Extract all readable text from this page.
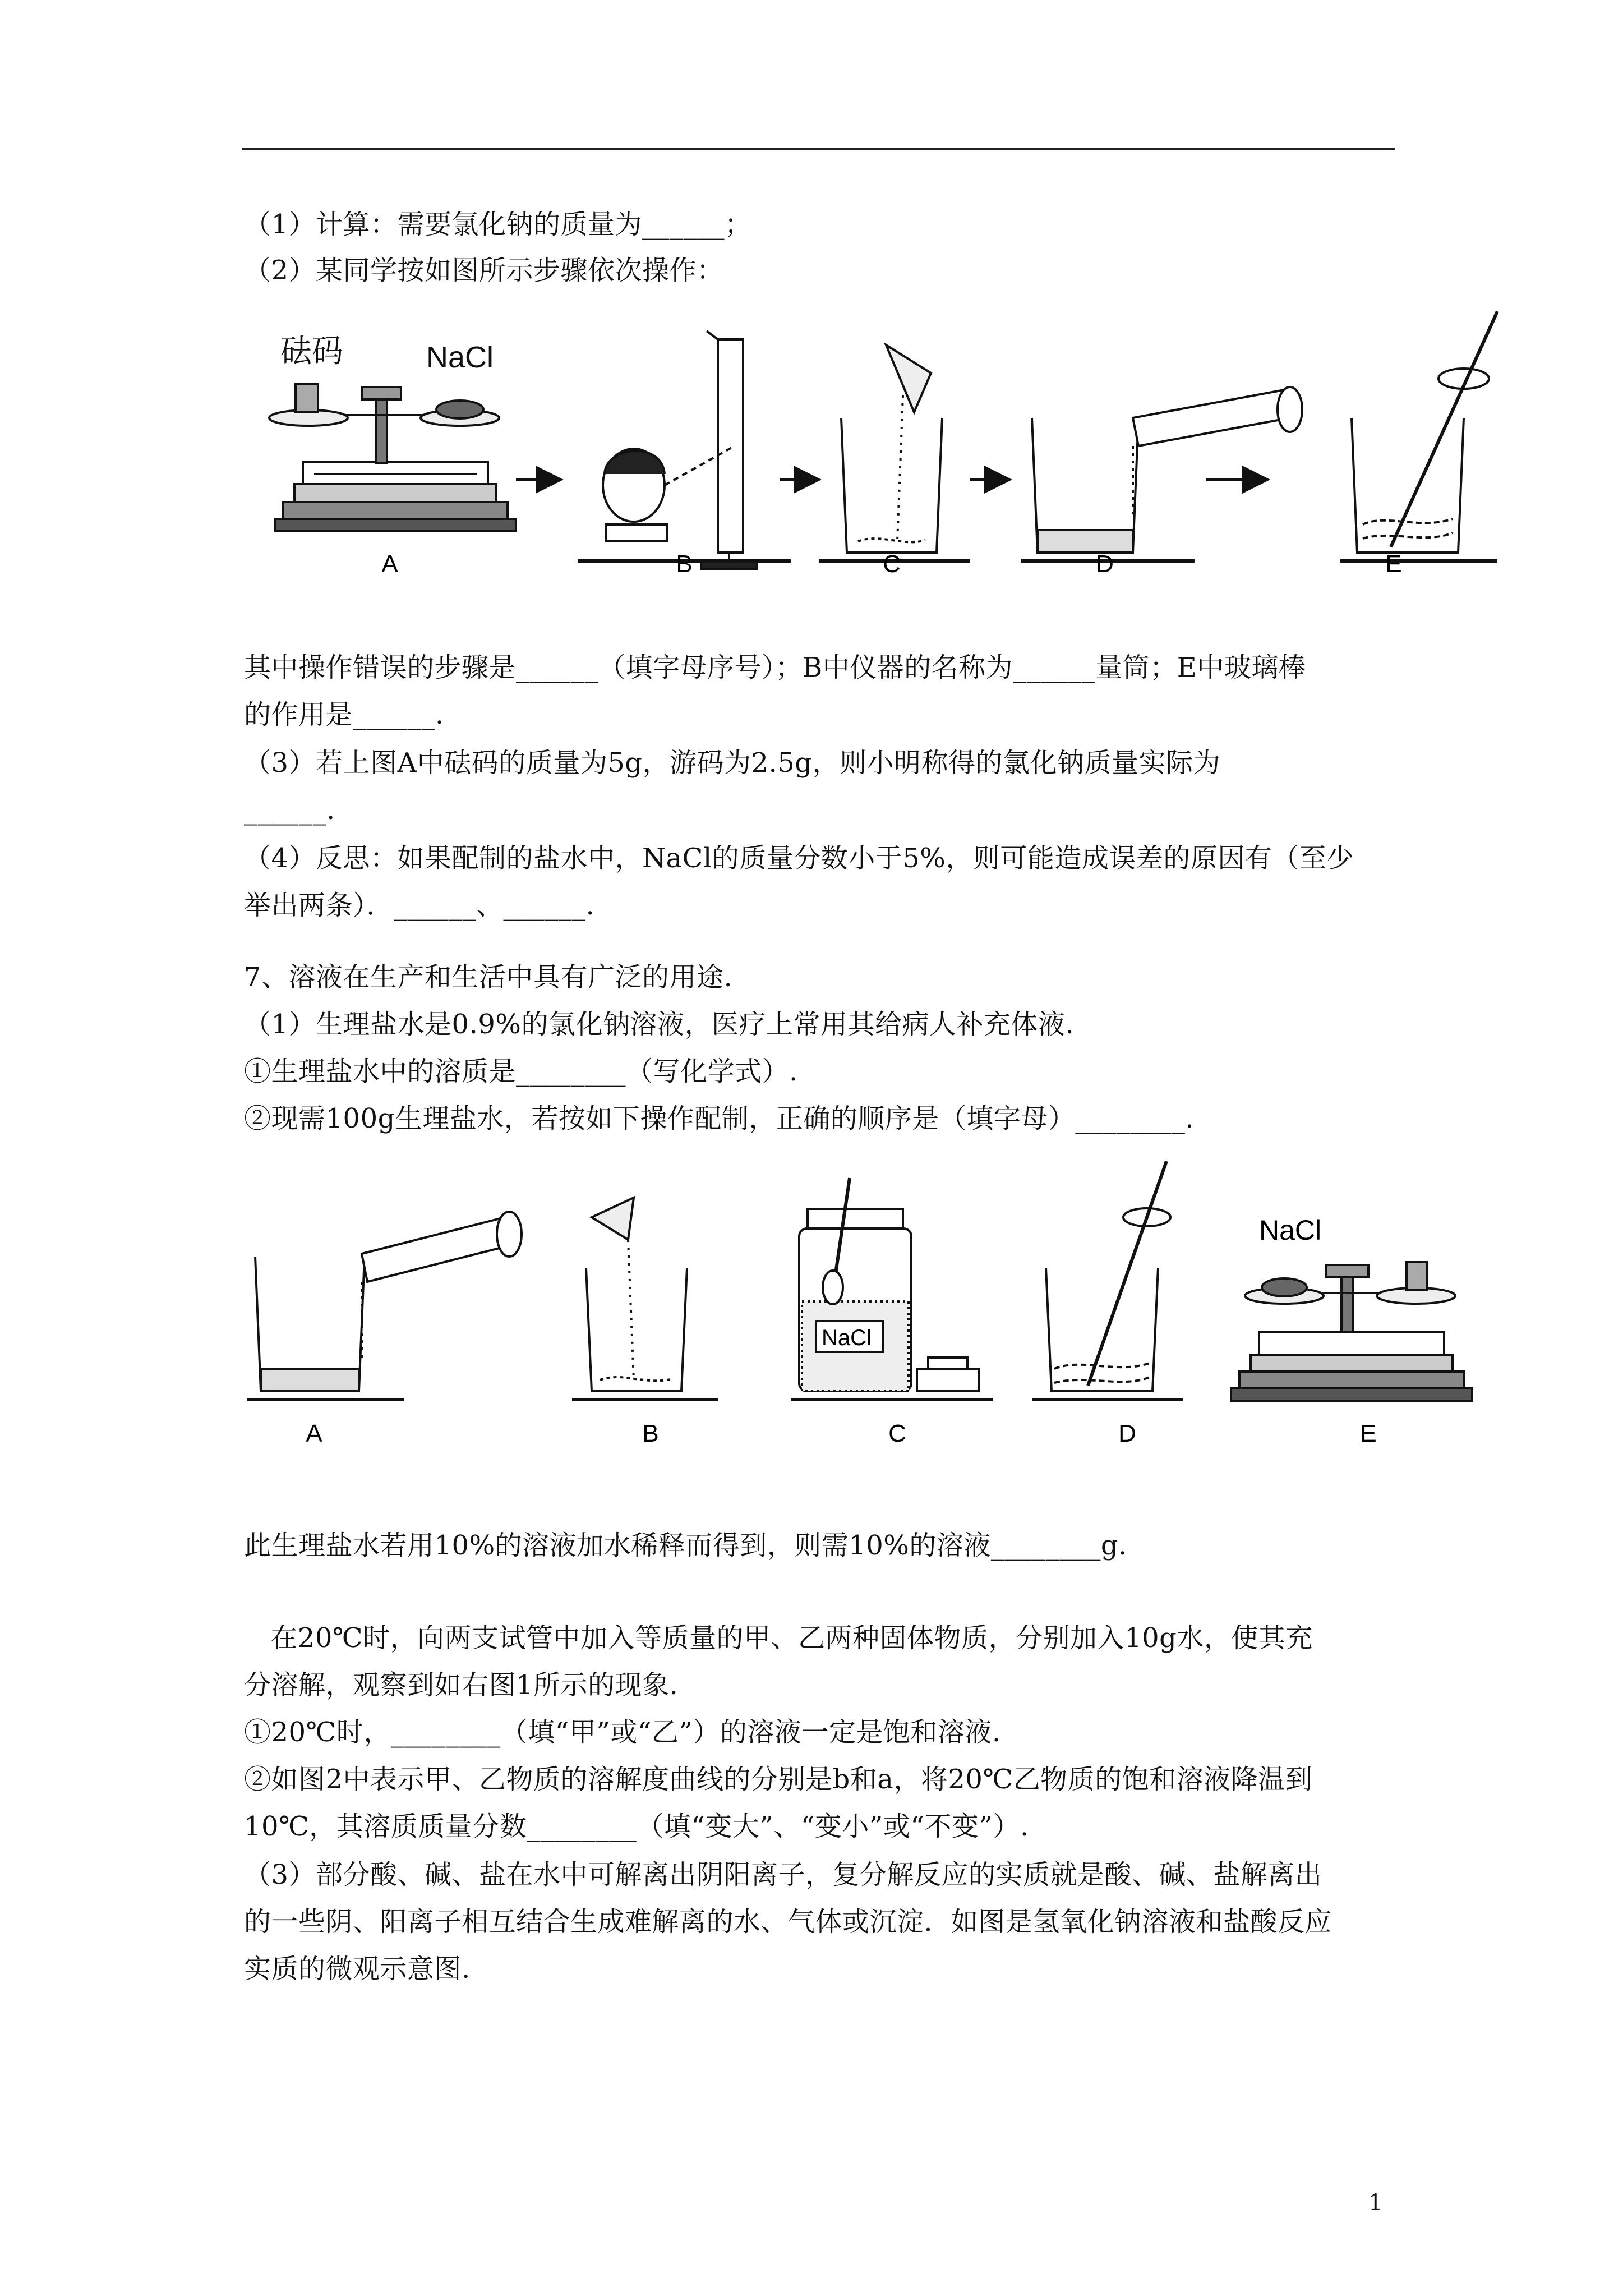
（1）计算：需要氯化钠的质量为______；
（2）某同学按如图所示步骤依次操作：
砝码	NaCl
A	B	C	D	E
其中操作错误的步骤是______（填字母序号）；B中仪器的名称为______量筒；E中玻璃棒
的作用是______.
（3）若上图A中砝码的质量为5g，游码为2.5g，则小明称得的氯化钠质量实际为
______.
（4）反思：如果配制的盐水中，NaCl的质量分数小于5%，则可能造成误差的原因有（至少
举出两条）．______、______.
7、溶液在生产和生活中具有广泛的用途.
（1）生理盐水是0.9%的氯化钠溶液，医疗上常用其给病人补充体液.
①生理盐水中的溶质是________（写化学式）.
②现需100g生理盐水，若按如下操作配制，正确的顺序是（填字母）________.
NaCl
NaCl
A	B	C	D	E
此生理盐水若用10%的溶液加水稀释而得到，则需10%的溶液________g.
在20℃时，向两支试管中加入等质量的甲、乙两种固体物质，分别加入10g水，使其充
分溶解，观察到如右图1所示的现象.
①20℃时，________（填“甲”或“乙”）的溶液一定是饱和溶液.
②如图2中表示甲、乙物质的溶解度曲线的分别是b和a，将20℃乙物质的饱和溶液降温到
10℃，其溶质质量分数________（填“变大”、“变小”或“不变”）.
（3）部分酸、碱、盐在水中可解离出阴阳离子，复分解反应的实质就是酸、碱、盐解离出
的一些阴、阳离子相互结合生成难解离的水、气体或沉淀．如图是氢氧化钠溶液和盐酸反应
实质的微观示意图.
1
